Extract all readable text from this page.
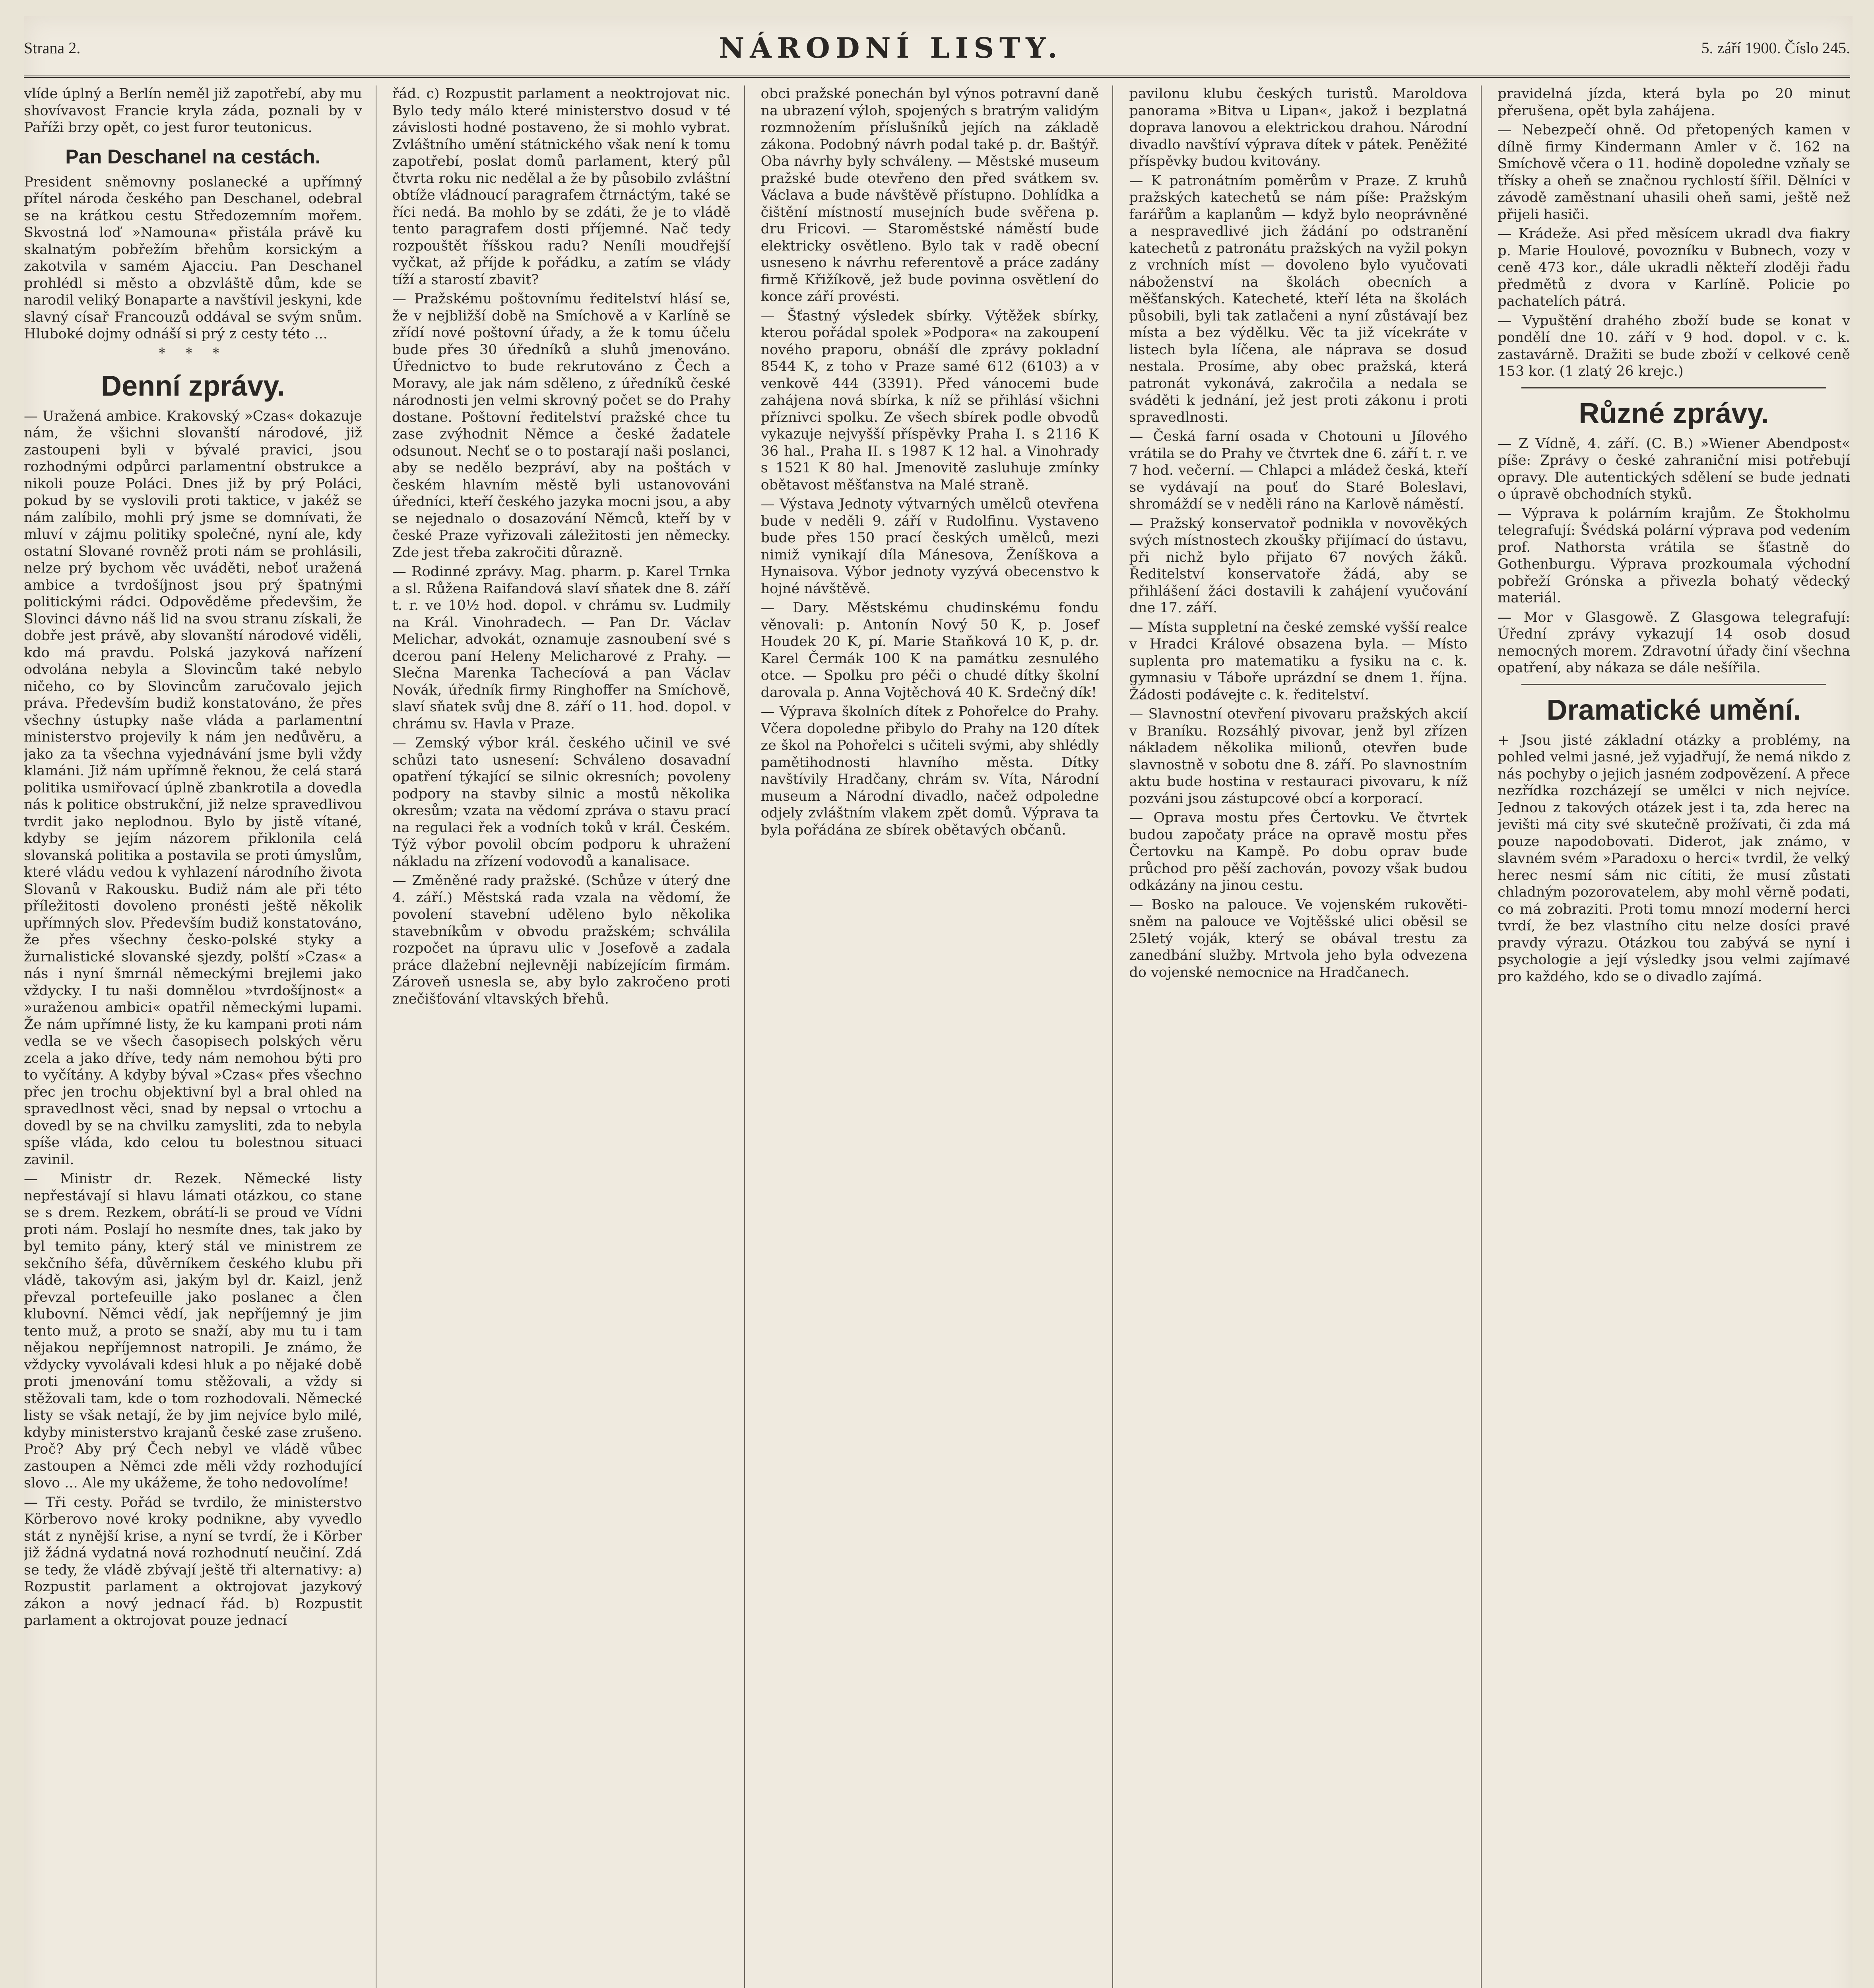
Strana 2.	NÁRODNÍ LISTY.	5. září 1900. Číslo 245.

vlíde úplný a Berlín neměl již zapotřebí, aby mu shovívavost Francie kryla záda, poznali by v Paříži brzy opět, co jest furor teutonicus.

Pan Deschanel na cestách.

President sněmovny poslanecké a upřímný přítel národa českého pan Deschanel, odebral se na krátkou cestu Středozemním mořem. Skvostná loď »Namouna« přistála právě ku skalnatým pobřežím břehům korsickým a zakotvila v samém Ajacciu. Pan Deschanel prohlédl si město a obzvláště dům, kde se narodil veliký Bonaparte a navštívil jeskyni, kde slavný císař Francouzů oddával se svým snům. Hluboké dojmy odnáší si prý z cesty této ...

* * *
Denní zprávy.

— Uražená ambice. Krakovský »Czas« dokazuje nám, že všichni slovanští národové, již zastoupeni byli v bývalé pravici, jsou rozhodnými odpůrci parlamentní obstrukce a nikoli pouze Poláci. Dnes již by prý Poláci, pokud by se vyslovili proti taktice, v jakéž se nám zalíbilo, mohli prý jsme se domnívati, že mluví v zájmu politiky společné, nyní ale, kdy ostatní Slované rovněž proti nám se prohlásili, nelze prý bychom věc uváděti, neboť uražená ambice a tvrdošíjnost jsou prý špatnými politickými rádci. Odpověděme předevšim, že Slovinci dávno náš lid na svou stranu získali, že dobře jest právě, aby slovanští národové viděli, kdo má pravdu. Polská jazyková nařízení odvolána nebyla a Slovincům také nebylo ničeho, co by Slovincům zaručovalo jejich práva. Především budiž konstatováno, že přes všechny ústupky naše vláda a parlamentní ministerstvo projevily k nám jen nedůvěru, a jako za ta všechna vyjednávání jsme byli vždy klamáni. Již nám upřímně řeknou, že celá stará politika usmiřovací úplně zbankrotila a dovedla nás k politice obstrukční, již nelze spravedlivou tvrdit jako neplodnou. Bylo by jistě vítané, kdyby se jejím názorem přiklonila celá slovanská politika a postavila se proti úmyslům, které vládu vedou k vyhlazení národního života Slovanů v Rakousku. Budiž nám ale při této příležitosti dovoleno pronésti ještě několik upřímných slov. Především budiž konstatováno, že přes všechny česko-polské styky a žurnalistické slovanské sjezdy, polští »Czas« a nás i nyní šmrnál německými brejlemi jako vždycky. I tu naši domnělou »tvrdošíjnost« a »uraženou ambici« opatřil německými lupami. Že nám upřímné listy, že ku kampani proti nám vedla se ve všech časopisech polských věru zcela a jako dříve, tedy nám nemohou býti pro to vyčítány. A kdyby býval »Czas« přes všechno přec jen trochu objektivní byl a bral ohled na spravedlnost věci, snad by nepsal o vrtochu a dovedl by se na chvilku zamysliti, zda to nebyla spíše vláda, kdo celou tu bolestnou situaci zavinil.

— Ministr dr. Rezek. Německé listy nepřestávají si hlavu lámati otázkou, co stane se s drem. Rezkem, obrátí-li se proud ve Vídni proti nám. Poslají ho nesmíte dnes, tak jako by byl temito pány, který stál ve ministrem ze sekčního šéfa, důvěrníkem českého klubu při vládě, takovým asi, jakým byl dr. Kaizl, jenž převzal portefeuille jako poslanec a člen klubovní. Němci vědí, jak nepříjemný je jim tento muž, a proto se snaží, aby mu tu i tam nějakou nepříjemnost natropili. Je známo, že vždycky vyvolávali kdesi hluk a po nějaké době proti jmenování tomu stěžovali, a vždy si stěžovali tam, kde o tom rozhodovali. Německé listy se však netají, že by jim nejvíce bylo milé, kdyby ministerstvo krajanů české zase zrušeno. Proč? Aby prý Čech nebyl ve vládě vůbec zastoupen a Němci zde měli vždy rozhodující slovo ... Ale my ukážeme, že toho nedovolíme!

— Tři cesty. Pořád se tvrdilo, že ministerstvo Körberovo nové kroky podnikne, aby vyvedlo stát z nynější krise, a nyní se tvrdí, že i Körber již žádná vydatná nová rozhodnutí neučiní. Zdá se tedy, že vládě zbývají ještě tři alternativy: a) Rozpustit parlament a oktrojovat jazykový zákon a nový jednací řád. b) Rozpustit parlament a oktrojovat pouze jednací

řád. c) Rozpustit parlament a neoktrojovat nic. Bylo tedy málo které ministerstvo dosud v té závislosti hodné postaveno, že si mohlo vybrat. Zvláštního umění státnického však není k tomu zapotřebí, poslat domů parlament, který půl čtvrta roku nic nedělal a že by působilo zvláštní obtíže vládnoucí paragrafem čtrnáctým, také se říci nedá. Ba mohlo by se zdáti, že je to vládě tento paragrafem dosti příjemné. Nač tedy rozpouštět říšskou radu? Neníli moudřejší vyčkat, až příjde k pořádku, a zatím se vlády tíží a starostí zbavit?

— Pražskému poštovnímu ředitelství hlásí se, že v nejbližší době na Smíchově a v Karlíně se zřídí nové poštovní úřady, a že k tomu účelu bude přes 30 úředníků a sluhů jmenováno. Úřednictvo to bude rekrutováno z Čech a Moravy, ale jak nám sděleno, z úředníků české národnosti jen velmi skrovný počet se do Prahy dostane. Poštovní ředitelství pražské chce tu zase zvýhodnit Němce a české žadatele odsunout. Nechť se o to postarají naši poslanci, aby se nedělo bezpráví, aby na poštách v českém hlavním městě byli ustanovováni úředníci, kteří českého jazyka mocni jsou, a aby se nejednalo o dosazování Němců, kteří by v české Praze vyřizovali záležitosti jen německy. Zde jest třeba zakročiti důrazně.

— Rodinné zprávy. Mag. pharm. p. Karel Trnka a sl. Růžena Raifandová slaví sňatek dne 8. září t. r. ve 10½ hod. dopol. v chrámu sv. Ludmily na Král. Vinohradech. — Pan Dr. Václav Melichar, advokát, oznamuje zasnoubení své s dcerou paní Heleny Melicharové z Prahy. — Slečna Marenka Tachecíová a pan Václav Novák, úředník firmy Ringhoffer na Smíchově, slaví sňatek svůj dne 8. září o 11. hod. dopol. v chrámu sv. Havla v Praze.

— Zemský výbor král. českého učinil ve své schůzi tato usnesení: Schváleno dosavadní opatření týkající se silnic okresních; povoleny podpory na stavby silnic a mostů několika okresům; vzata na vědomí zpráva o stavu prací na regulaci řek a vodních toků v král. Českém. Týž výbor povolil obcím podporu k uhražení nákladu na zřízení vodovodů a kanalisace.

— Změněné rady pražské. (Schůze v úterý dne 4. září.) Městská rada vzala na vědomí, že povolení stavební uděleno bylo několika stavebníkům v obvodu pražském; schválila rozpočet na úpravu ulic v Josefově a zadala práce dlažební nejlevněji nabízejícím firmám. Zároveň usnesla se, aby bylo zakročeno proti znečišťování vltavských břehů.

obci pražské ponechán byl výnos potravní daně na ubrazení výloh, spojených s bratrým validým rozmnožením příslušníků jejích na základě zákona. Podobný návrh podal také p. dr. Baštýř. Oba návrhy byly schváleny. — Městské museum pražské bude otevřeno den před svátkem sv. Václava a bude návštěvě přístupno. Dohlídka a čištění místností musejních bude svěřena p. dru Fricovi. — Staroměstské náměstí bude elektricky osvětleno. Bylo tak v radě obecní usneseno k návrhu referentově a práce zadány firmě Křižíkově, jež bude povinna osvětlení do konce září provésti.

— Šťastný výsledek sbírky. Výtěžek sbírky, kterou pořádal spolek »Podpora« na zakoupení nového praporu, obnáší dle zprávy pokladní 8544 K, z toho v Praze samé 612 (6103) a v venkově 444 (3391). Před vánocemi bude zahájena nová sbírka, k níž se přihlásí všichni příznivci spolku. Ze všech sbírek podle obvodů vykazuje nejvyšší příspěvky Praha I. s 2116 K 36 hal., Praha II. s 1987 K 12 hal. a Vinohrady s 1521 K 80 hal. Jmenovitě zasluhuje zmínky obětavost měšťanstva na Malé straně.

— Výstava Jednoty výtvarných umělců otevřena bude v neděli 9. září v Rudolfinu. Vystaveno bude přes 150 prací českých umělců, mezi nimiž vynikají díla Mánesova, Ženíškova a Hynaisova. Výbor jednoty vyzývá obecenstvo k hojné návštěvě.

— Dary. Městskému chudinskému fondu věnovali: p. Antonín Nový 50 K, p. Josef Houdek 20 K, pí. Marie Staňková 10 K, p. dr. Karel Čermák 100 K na památku zesnulého otce. — Spolku pro péči o chudé dítky školní darovala p. Anna Vojtěchová 40 K. Srdečný dík!

— Výprava školních dítek z Pohořelce do Prahy. Včera dopoledne přibylo do Prahy na 120 dítek ze škol na Pohořelci s učiteli svými, aby shlédly pamětihodnosti hlavního města. Dítky navštívily Hradčany, chrám sv. Víta, Národní museum a Národní divadlo, načež odpoledne odjely zvláštním vlakem zpět domů. Výprava ta byla pořádána ze sbírek obětavých občanů.

pavilonu klubu českých turistů. Maroldova panorama »Bitva u Lipan«, jakož i bezplatná doprava lanovou a elektrickou drahou. Národní divadlo navštíví výprava dítek v pátek. Peněžité příspěvky budou kvitovány.

— K patronátním poměrům v Praze. Z kruhů pražských katechetů se nám píše: Pražským farářům a kaplanům — když bylo neoprávněné a nespravedlivé jich žádání po odstranění katechetů z patronátu pražských na vyžil pokyn z vrchních míst — dovoleno bylo vyučovati náboženství na školách obecních a měšťanských. Katecheté, kteří léta na školách působili, byli tak zatlačeni a nyní zůstávají bez místa a bez výdělku. Věc ta již vícekráte v listech byla líčena, ale náprava se dosud nestala. Prosíme, aby obec pražská, která patronát vykonává, zakročila a nedala se sváděti k jednání, jež jest proti zákonu i proti spravedlnosti.

— Česká farní osada v Chotouni u Jílového vrátila se do Prahy ve čtvrtek dne 6. září t. r. ve 7 hod. večerní. — Chlapci a mládež česká, kteří se vydávají na pouť do Staré Boleslavi, shromáždí se v neděli ráno na Karlově náměstí.

— Pražský konservatoř podnikla v novověkých svých místnostech zkoušky přijímací do ústavu, při nichž bylo přijato 67 nových žáků. Ředitelství konservatoře žádá, aby se přihlášení žáci dostavili k zahájení vyučování dne 17. září.

— Místa suppletní na české zemské vyšší realce v Hradci Králové obsazena byla. — Místo suplenta pro matematiku a fysiku na c. k. gymnasiu v Táboře uprázdní se dnem 1. října. Žádosti podávejte c. k. ředitelství.

— Slavnostní otevření pivovaru pražských akcií v Braníku. Rozsáhlý pivovar, jenž byl zřízen nákladem několika milionů, otevřen bude slavnostně v sobotu dne 8. září. Po slavnostním aktu bude hostina v restauraci pivovaru, k níž pozváni jsou zástupcové obcí a korporací.

— Oprava mostu přes Čertovku. Ve čtvrtek budou započaty práce na opravě mostu přes Čertovku na Kampě. Po dobu oprav bude průchod pro pěší zachován, povozy však budou odkázány na jinou cestu.

— Bosko na palouce. Ve vojenském rukověti-sněm na palouce ve Vojtěšské ulici oběsil se 25letý voják, který se obával trestu za zanedbání služby. Mrtvola jeho byla odvezena do vojenské nemocnice na Hradčanech.

pravidelná jízda, která byla po 20 minut přerušena, opět byla zahájena.

— Nebezpečí ohně. Od přetopených kamen v dílně firmy Kindermann Amler v č. 162 na Smíchově včera o 11. hodině dopoledne vzňaly se třísky a oheň se značnou rychlostí šířil. Dělníci v závodě zaměstnaní uhasili oheň sami, ještě než přijeli hasiči.

— Krádeže. Asi před měsícem ukradl dva fiakry p. Marie Houlové, povozníku v Bubnech, vozy v ceně 473 kor., dále ukradli někteří zloději řadu předmětů z dvora v Karlíně. Policie po pachatelích pátrá.

— Vypuštění drahého zboží bude se konat v pondělí dne 10. září v 9 hod. dopol. v c. k. zastavárně. Dražiti se bude zboží v celkové ceně 153 kor. (1 zlatý 26 krejc.)

Různé zprávy.

— Z Vídně, 4. září. (C. B.) »Wiener Abendpost« píše: Zprávy o české zahraniční misi potřebují opravy. Dle autentických sdělení se bude jednati o úpravě obchodních styků.

— Výprava k polárním krajům. Ze Štokholmu telegrafují: Švédská polární výprava pod vedením prof. Nathorsta vrátila se šťastně do Gothenburgu. Výprava prozkoumala východní pobřeží Grónska a přivezla bohatý vědecký materiál.

— Mor v Glasgowě. Z Glasgowa telegrafují: Úřední zprávy vykazují 14 osob dosud nemocných morem. Zdravotní úřady činí všechna opatření, aby nákaza se dále nešířila.

Dramatické umění.

+ Jsou jisté základní otázky a problémy, na pohled velmi jasné, jež vyjadřují, že nemá nikdo z nás pochyby o jejich jasném zodpovězení. A přece nezřídka rozcházejí se umělci v nich nejvíce. Jednou z takových otázek jest i ta, zda herec na jevišti má city své skutečně prožívati, či zda má pouze napodobovati. Diderot, jak známo, v slavném svém »Paradoxu o herci« tvrdil, že velký herec nesmí sám nic cítiti, že musí zůstati chladným pozorovatelem, aby mohl věrně podati, co má zobraziti. Proti tomu mnozí moderní herci tvrdí, že bez vlastního citu nelze dosíci pravé pravdy výrazu. Otázkou tou zabývá se nyní i psychologie a její výsledky jsou velmi zajímavé pro každého, kdo se o divadlo zajímá.
